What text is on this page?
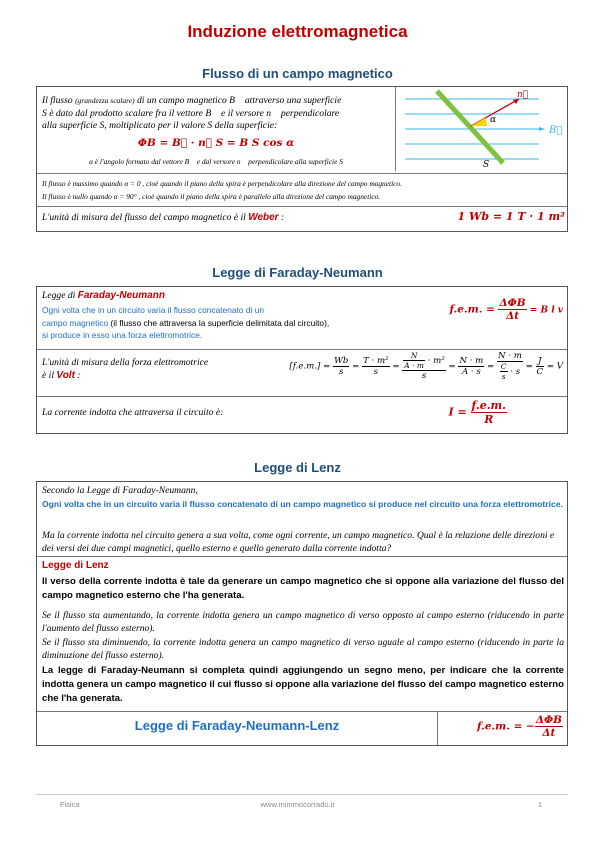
Induzione elettromagnetica
Flusso di un campo magnetico
Il flusso (grandezza scalare) di un campo magnetico B⃗ attraverso una superficie
S è dato dal prodotto scalare fra il vettore B⃗ e il versore n⃗ perpendicolare
alla superficie S, moltiplicato per il valore S della superficie:
ΦB = B⃗ · n⃗ S = B S cos α
α è l'angolo formato dal vettore B⃗ e dal versore n⃗ perpendicolare alla superficie S
n⃗
α
B⃗
S
Il flusso è massimo quando α = 0 , cioè quando il piano della spira è perpendicolare alla direzione del campo magnetico.
Il flusso è nullo quando α = 90° , cioè quando il piano della spira è parallelo alla direzione del campo magnetico.
L'unità di misura del flusso del campo magnetico è il Weber :	1 Wb = 1 T · 1 m²
Legge di Faraday-Neumann
Legge di Faraday-Neumann
Ogni volta che in un circuito varia il flusso concatenato di un
campo magnetico (il flusso che attraversa la superficie delimitata dal circuito),
si produce in esso una forza elettromotrice.
f.e.m. = $\frac{\text{ΔΦB}}{\Delta t} = B$ l v
L'unità di misura della forza elettromotrice
è il Volt :
$[f.e.m.] = \frac{Wb}{s} = \frac{\text{T · m²}}{s} = \frac{\frac{N}{A \cdot m} \cdot m^2}{s} = \frac{N \cdot m}{A \cdot s} = \frac{N \cdot m}{\frac{C}{s} \cdot s} = \frac{J}{C} = V$
La corrente indotta che attraversa il circuito è:	$I = \frac{f.e.m.}{R}$
Legge di Lenz
Secondo la Legge di Faraday-Neumann,
Ogni volta che in un circuito varia il flusso concatenato di un campo magnetico si produce nel circuito una forza elettromotrice.
Ma la corrente indotta nel circuito genera a sua volta, come ogni corrente, un campo magnetico. Qual è la relazione delle direzioni e dei versi dei due campi magnetici, quello esterno e quello generato dalla corrente indotta?
Legge di Lenz
Il verso della corrente indotta è tale da generare un campo magnetico che si oppone alla variazione del flusso del campo magnetico esterno che l'ha generata.
Se il flusso sta aumentando, la corrente indotta genera un campo magnetico di verso opposto al campo esterno (riducendo in parte l'aumento del flusso esterno).
Se il flusso sta diminuendo, la corrente indotta genera un campo magnetico di verso uguale al campo esterno (riducendo in parte la diminuzione del flusso esterno).
La legge di Faraday-Neumann si completa quindi aggiungendo un segno meno, per indicare che la corrente indotta genera un campo magnetico il cui flusso si oppone alla variazione del flusso del campo magnetico esterno che l'ha generata.
Legge di Faraday-Neumann-Lenz	f.e.m. = − $\frac{\text{ΔΦB}}{\Delta t}$
Fisica	www.mimmocorrado.it	1
